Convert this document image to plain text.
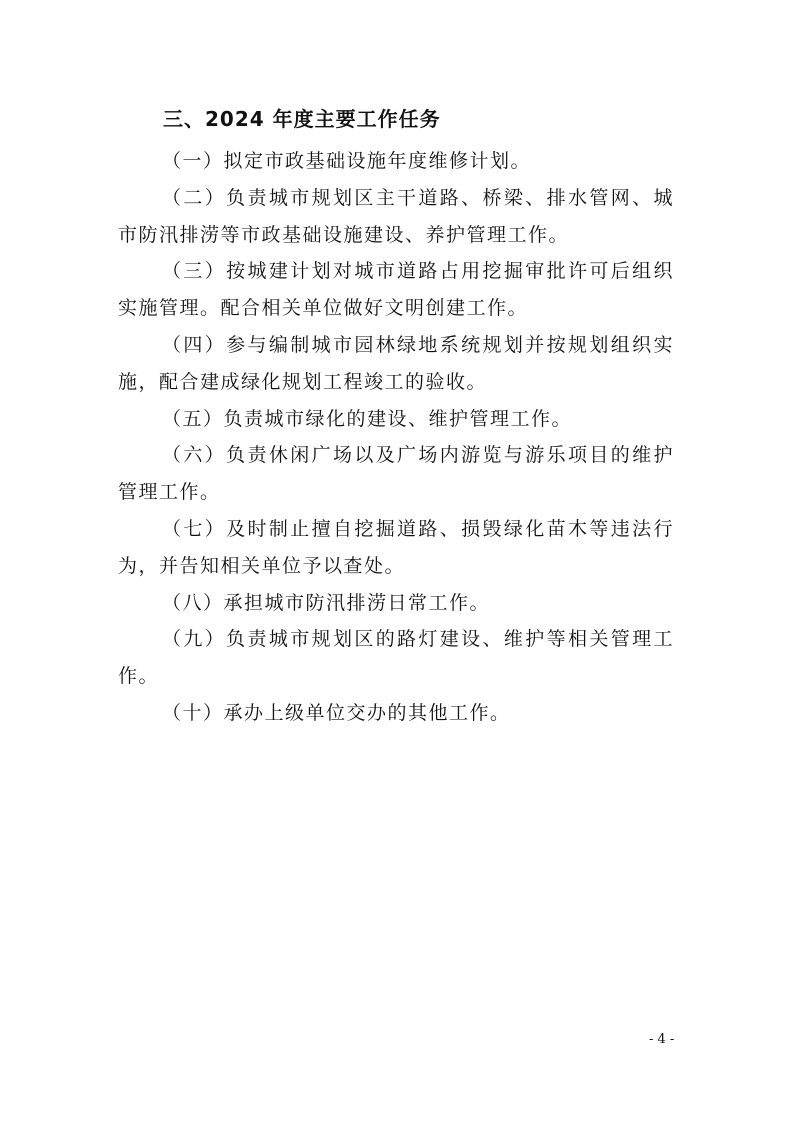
三、2024 年度主要工作任务

（一）拟定市政基础设施年度维修计划。

（二）负责城市规划区主干道路、桥梁、排水管网、城市防汛排涝等市政基础设施建设、养护管理工作。

（三）按城建计划对城市道路占用挖掘审批许可后组织实施管理。配合相关单位做好文明创建工作。

（四）参与编制城市园林绿地系统规划并按规划组织实施，配合建成绿化规划工程竣工的验收。

（五）负责城市绿化的建设、维护管理工作。

（六）负责休闲广场以及广场内游览与游乐项目的维护管理工作。

（七）及时制止擅自挖掘道路、损毁绿化苗木等违法行为，并告知相关单位予以查处。

（八）承担城市防汛排涝日常工作。

（九）负责城市规划区的路灯建设、维护等相关管理工作。

（十）承办上级单位交办的其他工作。

- 4 -
